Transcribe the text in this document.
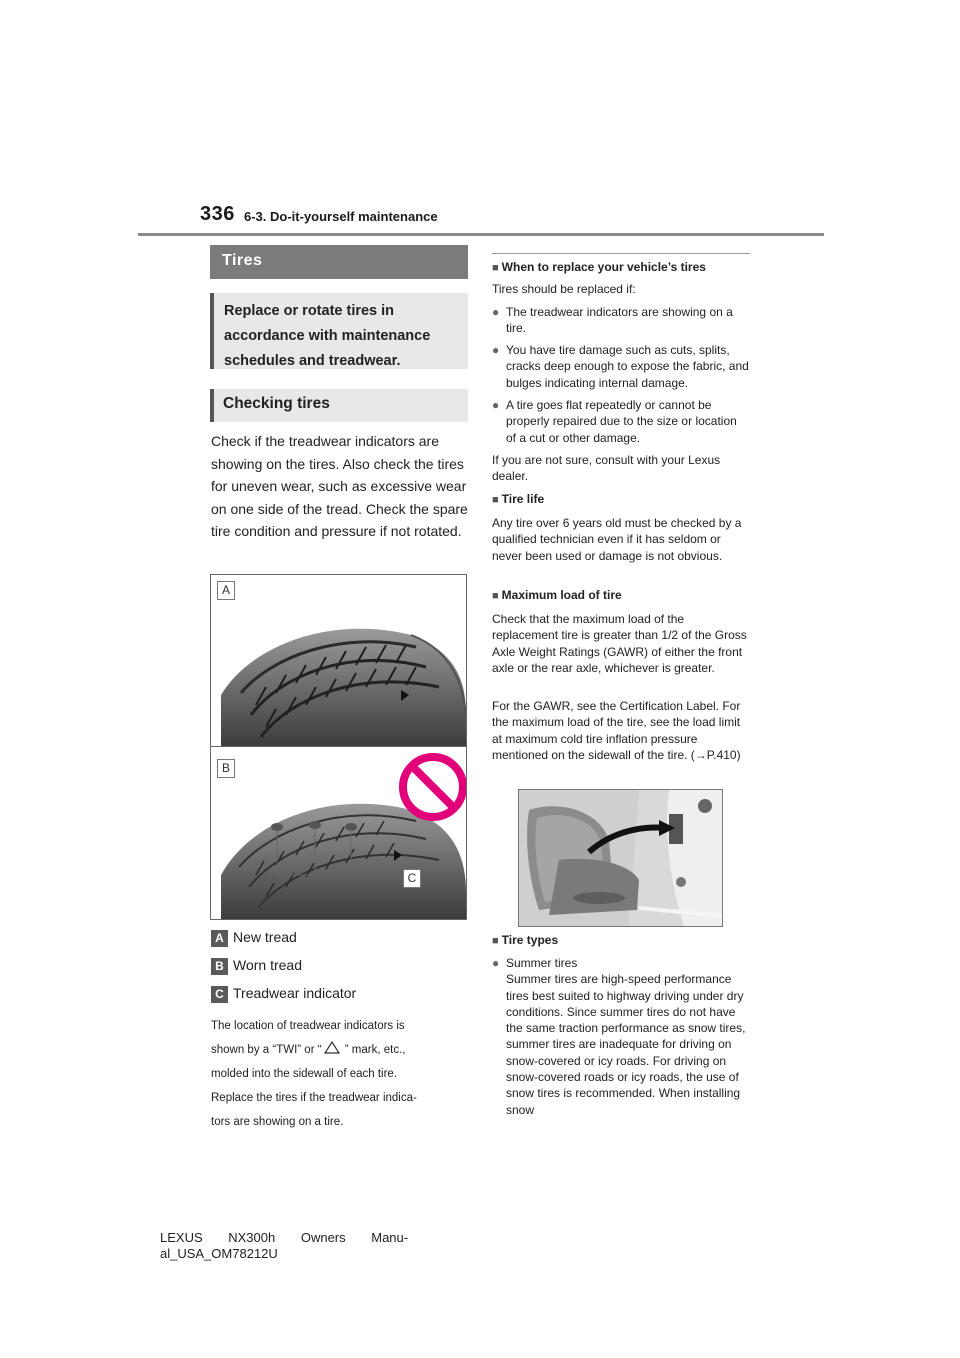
336 6-3. Do-it-yourself maintenance
Tires
Replace or rotate tires in accordance with maintenance schedules and treadwear.
Checking tires
Check if the treadwear indicators are showing on the tires. Also check the tires for uneven wear, such as excessive wear on one side of the tread. Check the spare tire condition and pressure if not rotated.
A
B
C
A New tread
B Worn tread
C Treadwear indicator
The location of treadwear indicators is
shown by a “TWI” or “ ” mark, etc.,
molded into the sidewall of each tire.
Replace the tires if the treadwear indica-
tors are showing on a tire.
■ When to replace your vehicle’s tires
Tires should be replaced if:
● The treadwear indicators are showing on a tire.
● You have tire damage such as cuts, splits, cracks deep enough to expose the fabric, and bulges indicating internal damage.
● A tire goes flat repeatedly or cannot be properly repaired due to the size or location of a cut or other damage.
If you are not sure, consult with your Lexus dealer.
■ Tire life
Any tire over 6 years old must be checked by a qualified technician even if it has seldom or never been used or damage is not obvious.
■ Maximum load of tire
Check that the maximum load of the replacement tire is greater than 1/2 of the Gross Axle Weight Ratings (GAWR) of either the front axle or the rear axle, whichever is greater.
For the GAWR, see the Certification Label. For the maximum load of the tire, see the load limit at maximum cold tire inflation pressure mentioned on the sidewall of the tire. (→P.410)
■ Tire types
● Summer tires
Summer tires are high-speed performance tires best suited to highway driving under dry conditions. Since summer tires do not have the same traction performance as snow tires, summer tires are inadequate for driving on snow-covered or icy roads. For driving on snow-covered roads or icy roads, the use of snow tires is recommended. When installing snow
LEXUS NX300h Owners Manu-
al_USA_OM78212U
